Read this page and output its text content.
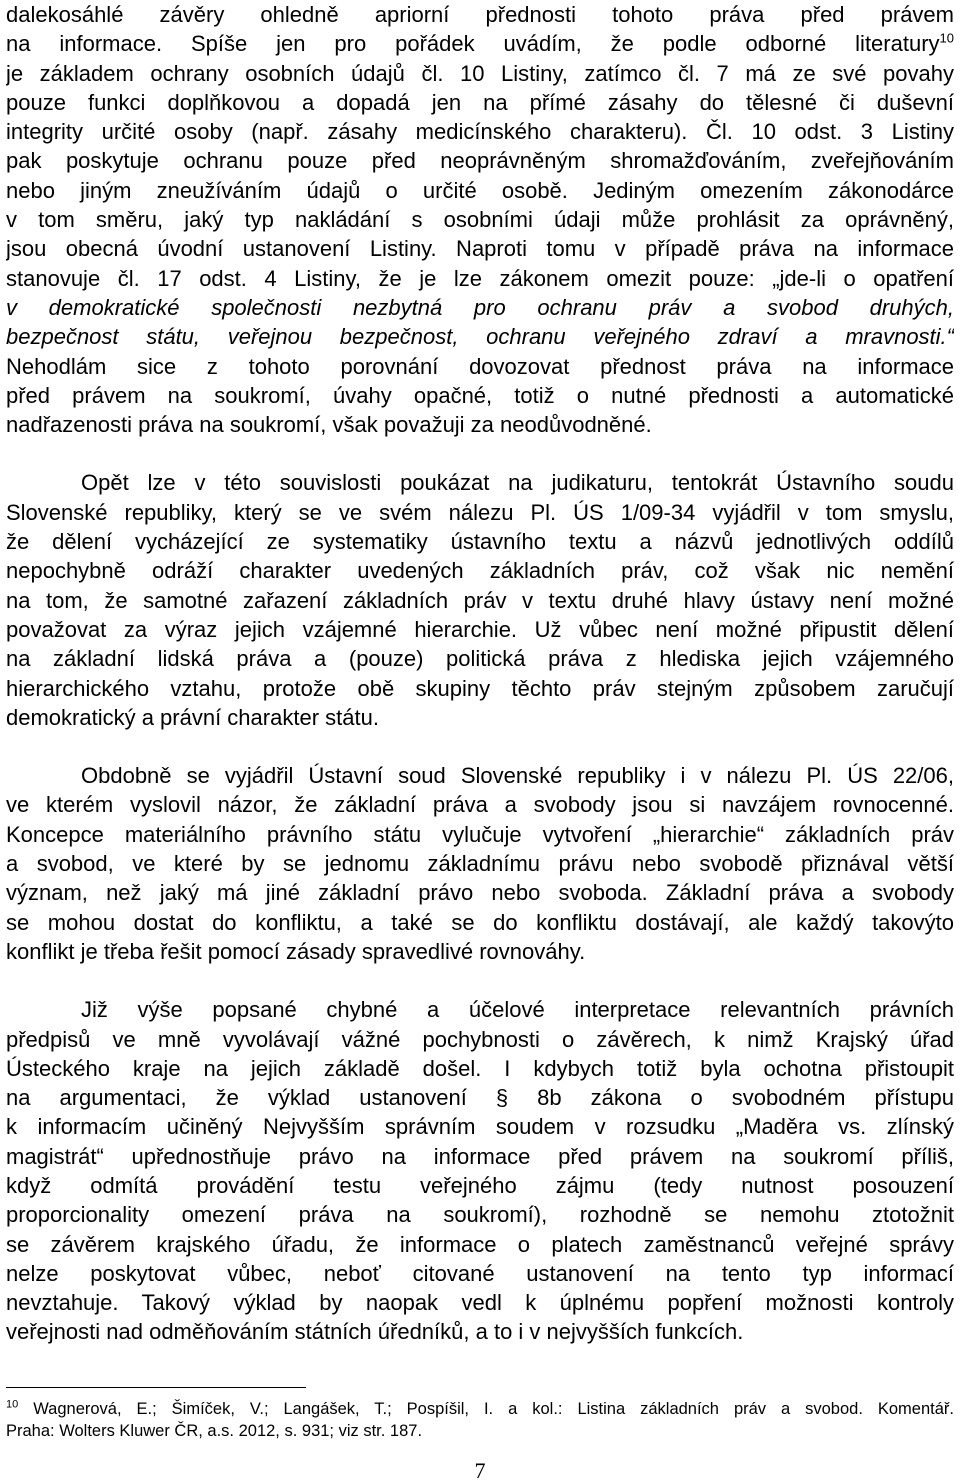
dalekosáhlé závěry ohledně apriorní přednosti tohoto práva před právem
na informace. Spíše jen pro pořádek uvádím, že podle odborné literatury$^{10}$
je základem ochrany osobních údajů čl. 10 Listiny, zatímco čl. 7 má ze své povahy
pouze funkci doplňkovou a dopadá jen na přímé zásahy do tělesné či duševní
integrity určité osoby (např. zásahy medicínského charakteru). Čl. 10 odst. 3 Listiny
pak poskytuje ochranu pouze před neoprávněným shromažďováním, zveřejňováním
nebo jiným zneužíváním údajů o určité osobě. Jediným omezením zákonodárce
v tom směru, jaký typ nakládání s osobními údaji může prohlásit za oprávněný,
jsou obecná úvodní ustanovení Listiny. Naproti tomu v případě práva na informace
stanovuje čl. 17 odst. 4 Listiny, že je lze zákonem omezit pouze: „jde-li o opatření
v demokratické společnosti nezbytná pro ochranu práv a svobod druhých,
bezpečnost státu, veřejnou bezpečnost, ochranu veřejného zdraví a mravnosti.“
Nehodlám sice z tohoto porovnání dovozovat přednost práva na informace
před právem na soukromí, úvahy opačné, totiž o nutné přednosti a automatické
nadřazenosti práva na soukromí, však považuji za neodůvodněné.
Opět lze v této souvislosti poukázat na judikaturu, tentokrát Ústavního soudu
Slovenské republiky, který se ve svém nálezu Pl. ÚS 1/09-34 vyjádřil v tom smyslu,
že dělení vycházející ze systematiky ústavního textu a názvů jednotlivých oddílů
nepochybně odráží charakter uvedených základních práv, což však nic nemění
na tom, že samotné zařazení základních práv v textu druhé hlavy ústavy není možné
považovat za výraz jejich vzájemné hierarchie. Už vůbec není možné připustit dělení
na základní lidská práva a (pouze) politická práva z hlediska jejich vzájemného
hierarchického vztahu, protože obě skupiny těchto práv stejným způsobem zaručují
demokratický a právní charakter státu.
Obdobně se vyjádřil Ústavní soud Slovenské republiky i v nálezu Pl. ÚS 22/06,
ve kterém vyslovil názor, že základní práva a svobody jsou si navzájem rovnocenné.
Koncepce materiálního právního státu vylučuje vytvoření „hierarchie“ základních práv
a svobod, ve které by se jednomu základnímu právu nebo svobodě přiznával větší
význam, než jaký má jiné základní právo nebo svoboda. Základní práva a svobody
se mohou dostat do konfliktu, a také se do konfliktu dostávají, ale každý takovýto
konflikt je třeba řešit pomocí zásady spravedlivé rovnováhy.
Již výše popsané chybné a účelové interpretace relevantních právních
předpisů ve mně vyvolávají vážné pochybnosti o závěrech, k nimž Krajský úřad
Ústeckého kraje na jejich základě došel. I kdybych totiž byla ochotna přistoupit
na argumentaci, že výklad ustanovení § 8b zákona o svobodném přístupu
k informacím učiněný Nejvyšším správním soudem v rozsudku „Maděra vs. zlínský
magistrát“ upřednostňuje právo na informace před právem na soukromí příliš,
když odmítá provádění testu veřejného zájmu (tedy nutnost posouzení
proporcionality omezení práva na soukromí), rozhodně se nemohu ztotožnit
se závěrem krajského úřadu, že informace o platech zaměstnanců veřejné správy
nelze poskytovat vůbec, neboť citované ustanovení na tento typ informací
nevztahuje. Takový výklad by naopak vedl k úplnému popření možnosti kontroly
veřejnosti nad odměňováním státních úředníků, a to i v nejvyšších funkcích.
$^{10}$ Wagnerová, E.; Šimíček, V.; Langášek, T.; Pospíšil, I. a kol.: Listina základních práv a svobod. Komentář.
Praha: Wolters Kluwer ČR, a.s. 2012, s. 931; viz str. 187.
7
